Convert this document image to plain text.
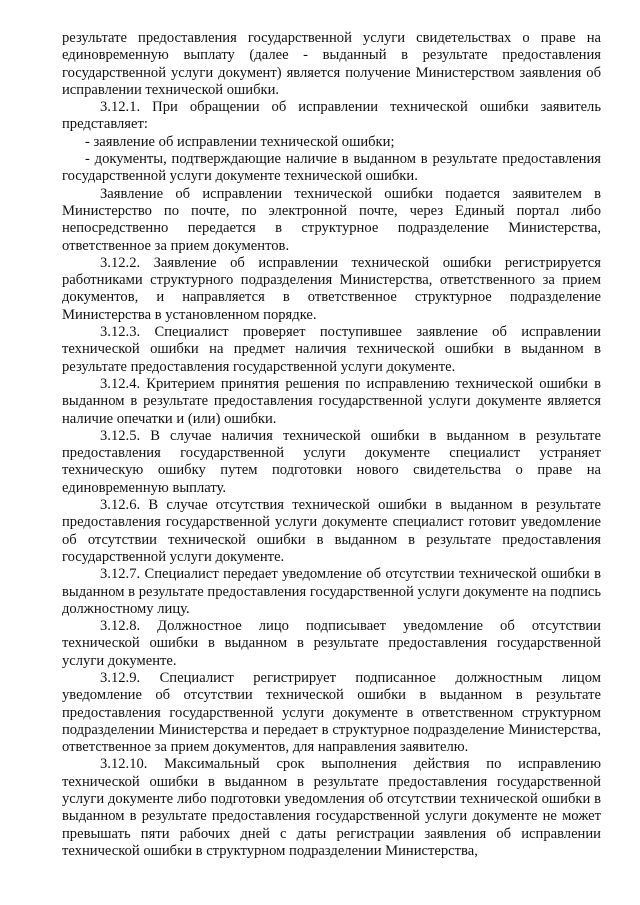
результате предоставления государственной услуги свидетельствах о праве на единовременную выплату (далее - выданный в результате предоставления государственной услуги документ) является получение Министерством заявления об исправлении технической ошибки.

3.12.1. При обращении об исправлении технической ошибки заявитель представляет:

- заявление об исправлении технической ошибки;

- документы, подтверждающие наличие в выданном в результате предоставления государственной услуги документе технической ошибки.

Заявление об исправлении технической ошибки подается заявителем в Министерство по почте, по электронной почте, через Единый портал либо непосредственно передается в структурное подразделение Министерства, ответственное за прием документов.

3.12.2. Заявление об исправлении технической ошибки регистрируется работниками структурного подразделения Министерства, ответственного за прием документов, и направляется в ответственное структурное подразделение Министерства в установленном порядке.

3.12.3. Специалист проверяет поступившее заявление об исправлении технической ошибки на предмет наличия технической ошибки в выданном в результате предоставления государственной услуги документе.

3.12.4. Критерием принятия решения по исправлению технической ошибки в выданном в результате предоставления государственной услуги документе является наличие опечатки и (или) ошибки.

3.12.5. В случае наличия технической ошибки в выданном в результате предоставления государственной услуги документе специалист устраняет техническую ошибку путем подготовки нового свидетельства о праве на единовременную выплату.

3.12.6. В случае отсутствия технической ошибки в выданном в результате предоставления государственной услуги документе специалист готовит уведомление об отсутствии технической ошибки в выданном в результате предоставления государственной услуги документе.

3.12.7. Специалист передает уведомление об отсутствии технической ошибки в выданном в результате предоставления государственной услуги документе на подпись должностному лицу.

3.12.8. Должностное лицо подписывает уведомление об отсутствии технической ошибки в выданном в результате предоставления государственной услуги документе.

3.12.9. Специалист регистрирует подписанное должностным лицом уведомление об отсутствии технической ошибки в выданном в результате предоставления государственной услуги документе в ответственном структурном подразделении Министерства и передает в структурное подразделение Министерства, ответственное за прием документов, для направления заявителю.

3.12.10. Максимальный срок выполнения действия по исправлению технической ошибки в выданном в результате предоставления государственной услуги документе либо подготовки уведомления об отсутствии технической ошибки в выданном в результате предоставления государственной услуги документе не может превышать пяти рабочих дней с даты регистрации заявления об исправлении технической ошибки в структурном подразделении Министерства,
